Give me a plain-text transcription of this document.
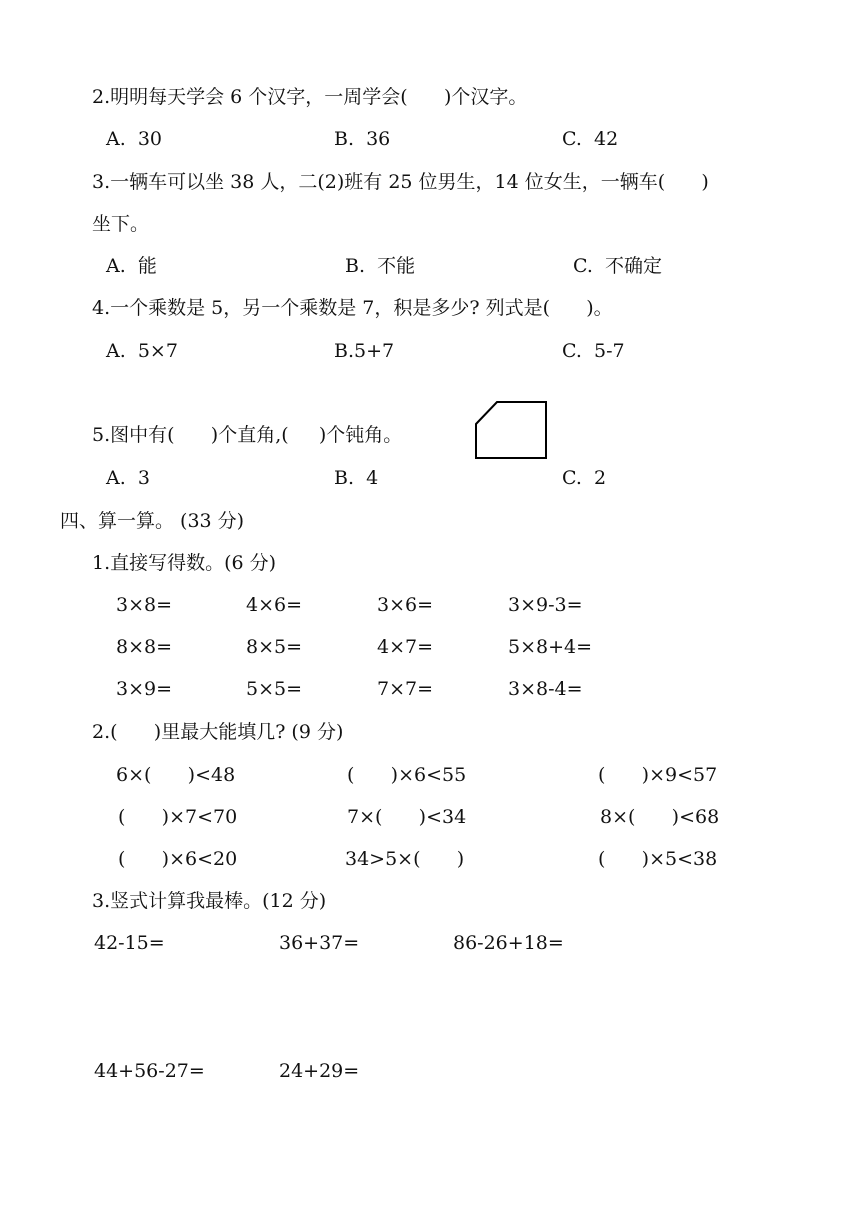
2.明明每天学会 6 个汉字，一周学会(      )个汉字。
A.  30	B.  36	C.  42
3.一辆车可以坐 38 人，二(2)班有 25 位男生，14 位女生，一辆车(      )
坐下。
A.  能	B.  不能	C.  不确定
4.一个乘数是 5，另一个乘数是 7，积是多少? 列式是(      )。
A.  5×7	B.5+7	C.  5-7
5.图中有(      )个直角,(     )个钝角。
A.  3	B.  4	C.  2
四、算一算。 (33 分)
1.直接写得数。(6 分)
3×8=	4×6=	3×6=	3×9-3=
8×8=	8×5=	4×7=	5×8+4=
3×9=	5×5=	7×7=	3×8-4=
2.(      )里最大能填几? (9 分)
6×(      )<48	(      )×6<55	(      )×9<57
(      )×7<70	7×(      )<34	8×(      )<68
(      )×6<20	34>5×(      )	(      )×5<38
3.竖式计算我最棒。(12 分)
42-15=	36+37=	86-26+18=
44+56-27=	24+29=
